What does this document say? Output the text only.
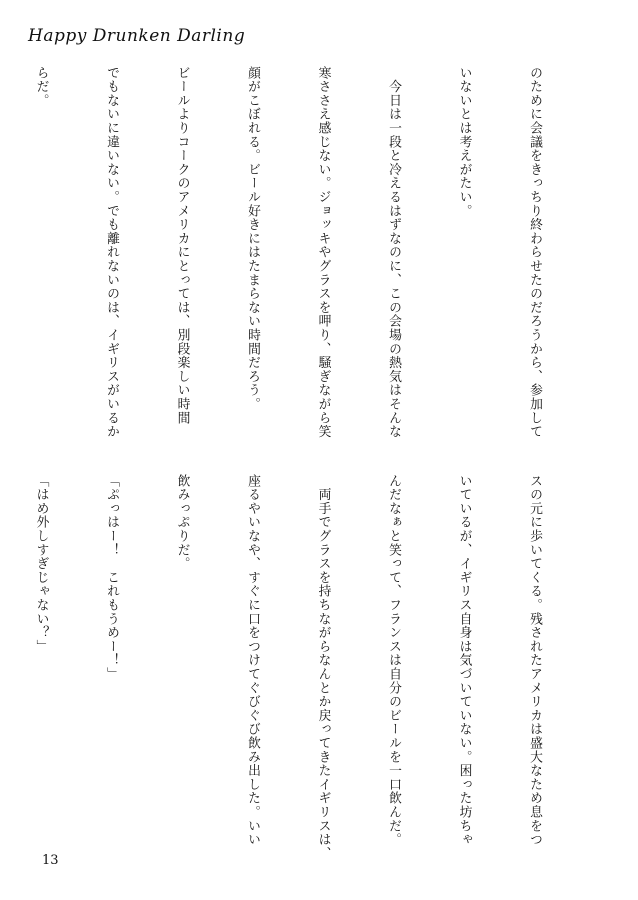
Happy Drunken Darling

のために会議をきっちり終わらせたのだろうから、参加して

いないとは考えがたい。

　今日は一段と冷えるはずなのに、この会場の熱気はそんな

寒ささえ感じない。ジョッキやグラスを呷り、騒ぎながら笑

顔がこぼれる。ビール好きにはたまらない時間だろう。

ビールよりコークのアメリカにとっては、別段楽しい時間

でもないに違いない。でも離れないのは、イギリスがいるか

らだ。

スの元に歩いてくる。残されたアメリカは盛大なため息をつ

いているが、イギリス自身は気づいていない。困った坊ちゃ

んだなぁと笑って、フランスは自分のビールを一口飲んだ。

　両手でグラスを持ちながらなんとか戻ってきたイギリスは、

座るやいなや、すぐに口をつけてぐびぐび飲み出した。いい

飲みっぷりだ。

「ぷっはー！　これもうめー！」

「はめ外しすぎじゃない？」

13
